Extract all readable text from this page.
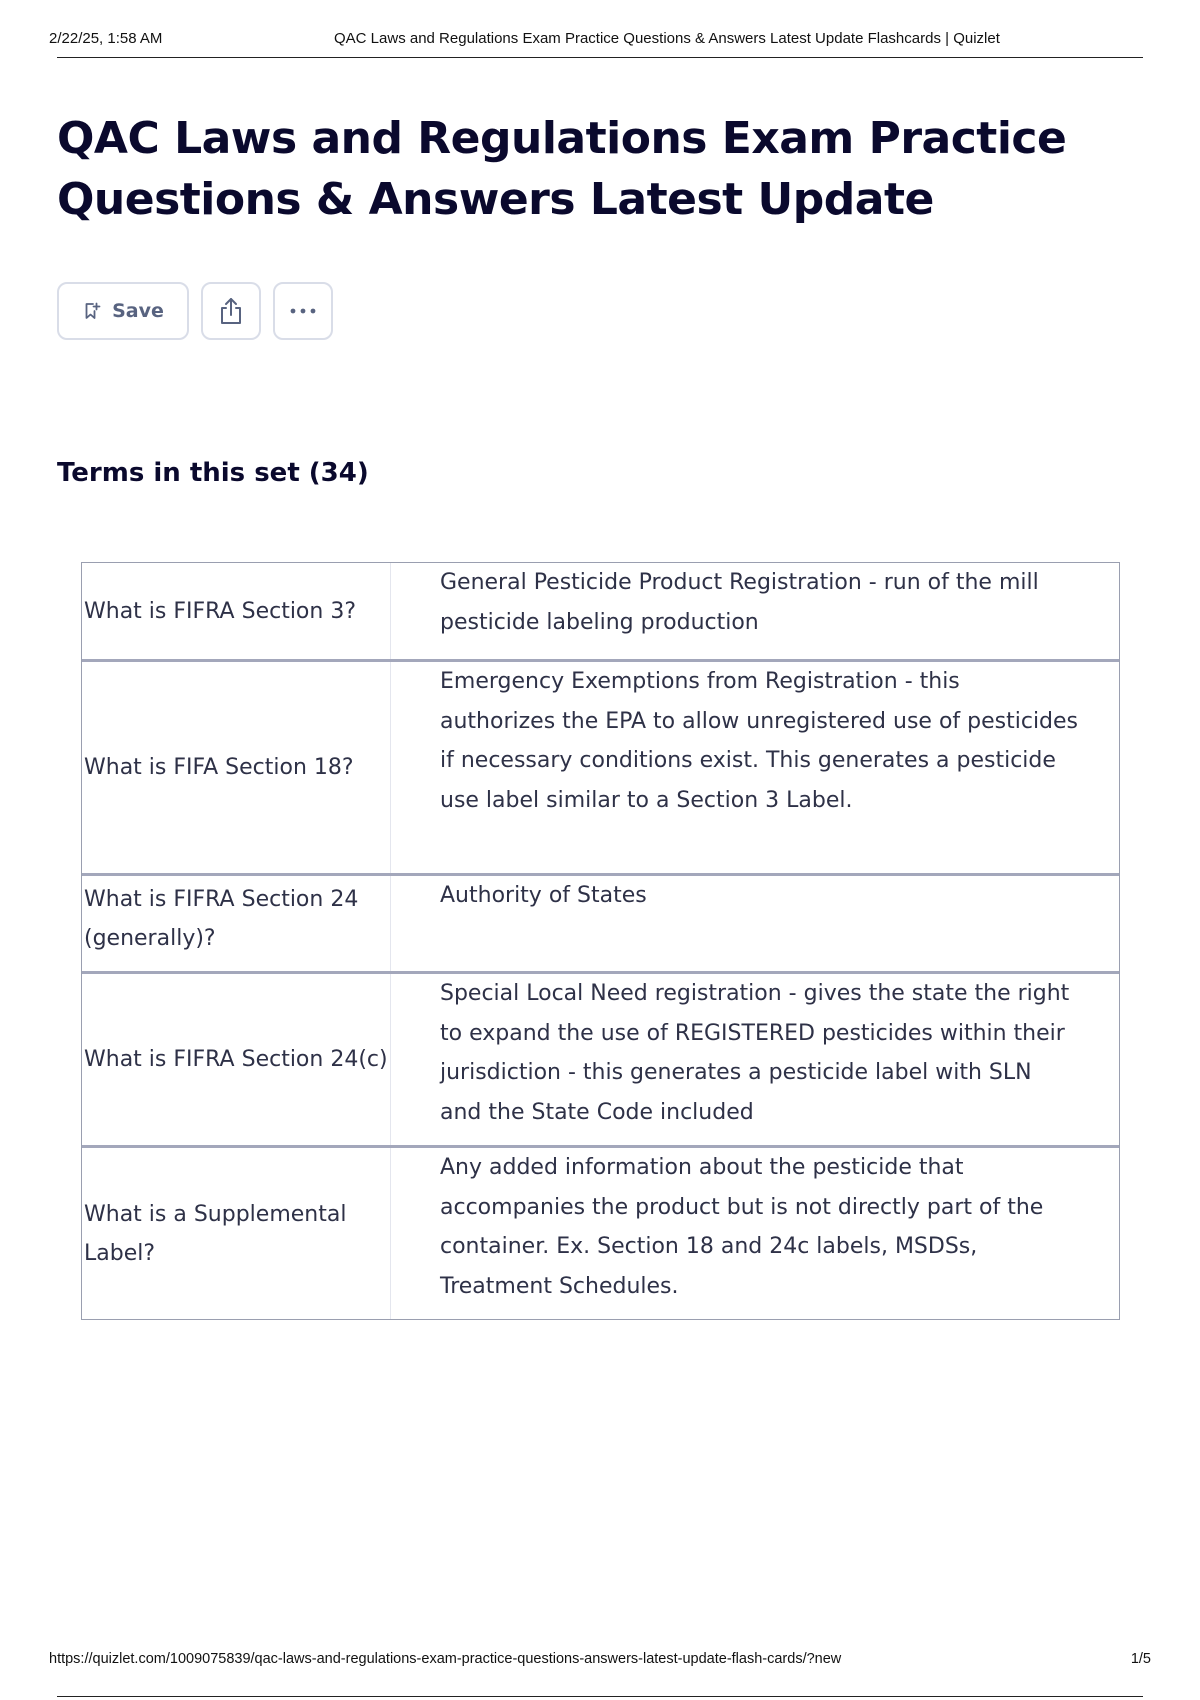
2/22/25, 1:58 AM	QAC Laws and Regulations Exam Practice Questions & Answers Latest Update Flashcards | Quizlet
QAC Laws and Regulations Exam Practice Questions & Answers Latest Update
Save
Terms in this set (34)
What is FIFRA Section 3?
General Pesticide Product Registration - run of the mill pesticide labeling production
What is FIFA Section 18?
Emergency Exemptions from Registration - this authorizes the EPA to allow unregistered use of pesticides if necessary conditions exist. This generates a pesticide use label similar to a Section 3 Label.
What is FIFRA Section 24 (generally)?
Authority of States
What is FIFRA Section 24(c)
Special Local Need registration - gives the state the right to expand the use of REGISTERED pesticides within their jurisdiction - this generates a pesticide label with SLN and the State Code included
What is a Supplemental Label?
Any added information about the pesticide that accompanies the product but is not directly part of the container. Ex. Section 18 and 24c labels, MSDSs, Treatment Schedules.
https://quizlet.com/1009075839/qac-laws-and-regulations-exam-practice-questions-answers-latest-update-flash-cards/?new	1/5
